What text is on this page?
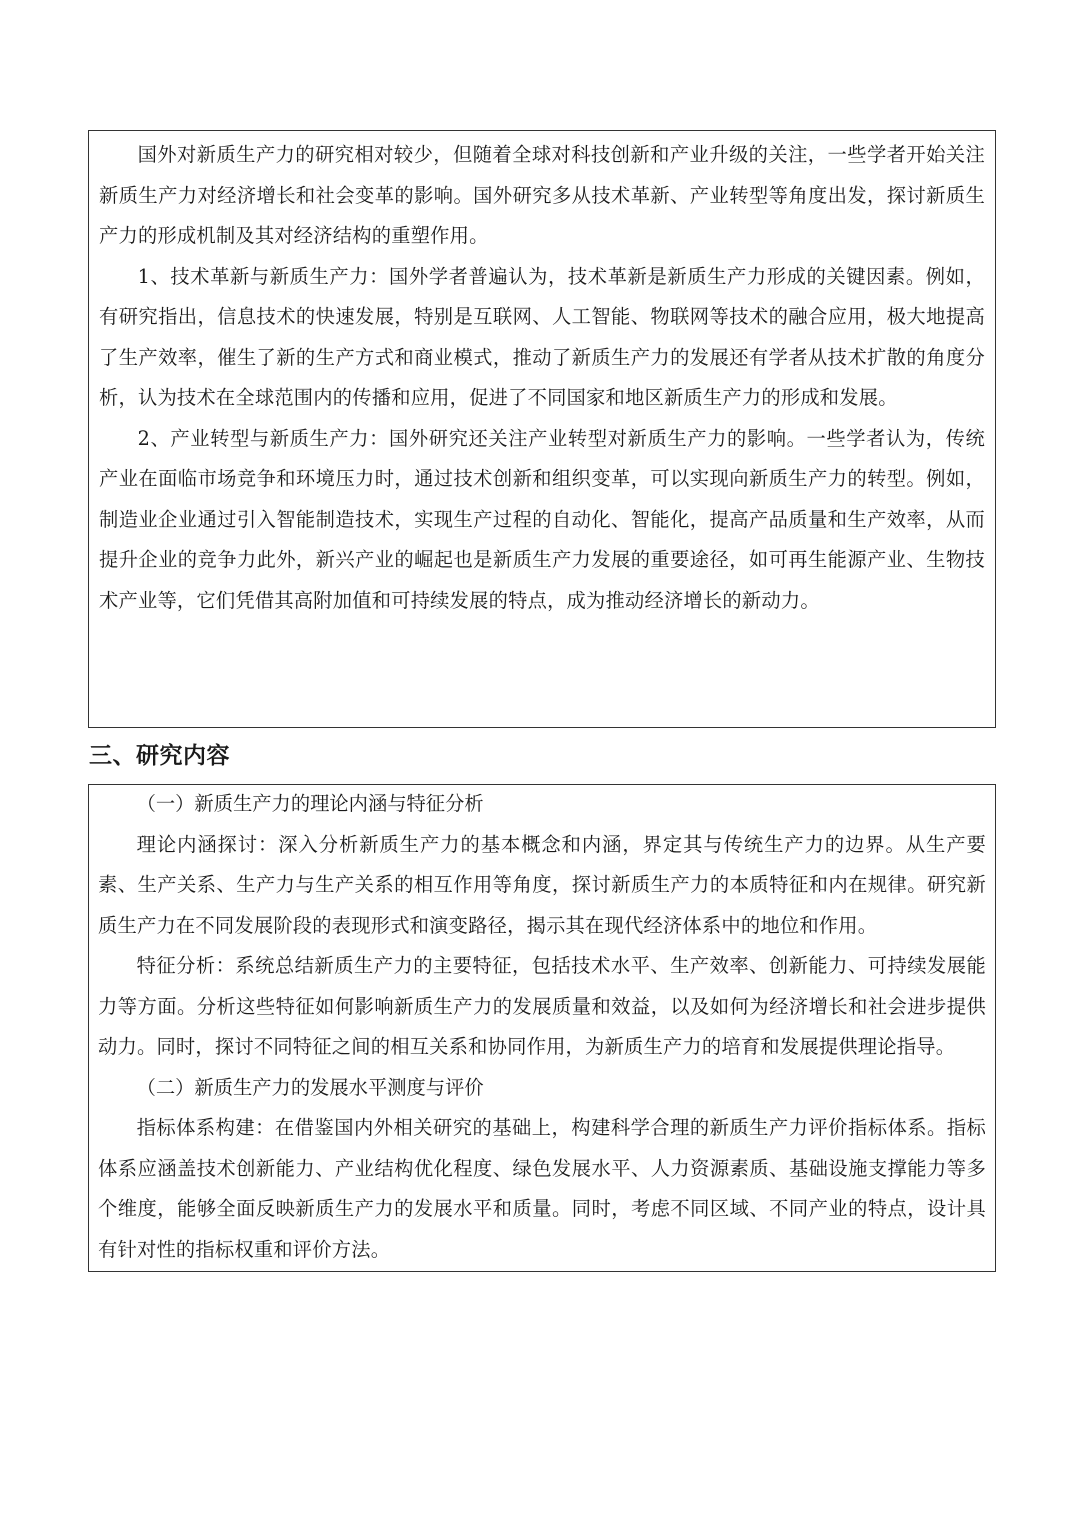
国外对新质生产力的研究相对较少，但随着全球对科技创新和产业升级的关注，一些学者开始关注新质生产力对经济增长和社会变革的影响。国外研究多从技术革新、产业转型等角度出发，探讨新质生产力的形成机制及其对经济结构的重塑作用。

1、技术革新与新质生产力：国外学者普遍认为，技术革新是新质生产力形成的关键因素。例如，有研究指出，信息技术的快速发展，特别是互联网、人工智能、物联网等技术的融合应用，极大地提高了生产效率，催生了新的生产方式和商业模式，推动了新质生产力的发展还有学者从技术扩散的角度分析，认为技术在全球范围内的传播和应用，促进了不同国家和地区新质生产力的形成和发展。

2、产业转型与新质生产力：国外研究还关注产业转型对新质生产力的影响。一些学者认为，传统产业在面临市场竞争和环境压力时，通过技术创新和组织变革，可以实现向新质生产力的转型。例如，制造业企业通过引入智能制造技术，实现生产过程的自动化、智能化，提高产品质量和生产效率，从而提升企业的竞争力此外，新兴产业的崛起也是新质生产力发展的重要途径，如可再生能源产业、生物技术产业等，它们凭借其高附加值和可持续发展的特点，成为推动经济增长的新动力。

三、研究内容

（一）新质生产力的理论内涵与特征分析

理论内涵探讨：深入分析新质生产力的基本概念和内涵，界定其与传统生产力的边界。从生产要素、生产关系、生产力与生产关系的相互作用等角度，探讨新质生产力的本质特征和内在规律。研究新质生产力在不同发展阶段的表现形式和演变路径，揭示其在现代经济体系中的地位和作用。

特征分析：系统总结新质生产力的主要特征，包括技术水平、生产效率、创新能力、可持续发展能力等方面。分析这些特征如何影响新质生产力的发展质量和效益，以及如何为经济增长和社会进步提供动力。同时，探讨不同特征之间的相互关系和协同作用，为新质生产力的培育和发展提供理论指导。

（二）新质生产力的发展水平测度与评价

指标体系构建：在借鉴国内外相关研究的基础上，构建科学合理的新质生产力评价指标体系。指标体系应涵盖技术创新能力、产业结构优化程度、绿色发展水平、人力资源素质、基础设施支撑能力等多个维度，能够全面反映新质生产力的发展水平和质量。同时，考虑不同区域、不同产业的特点，设计具有针对性的指标权重和评价方法。
